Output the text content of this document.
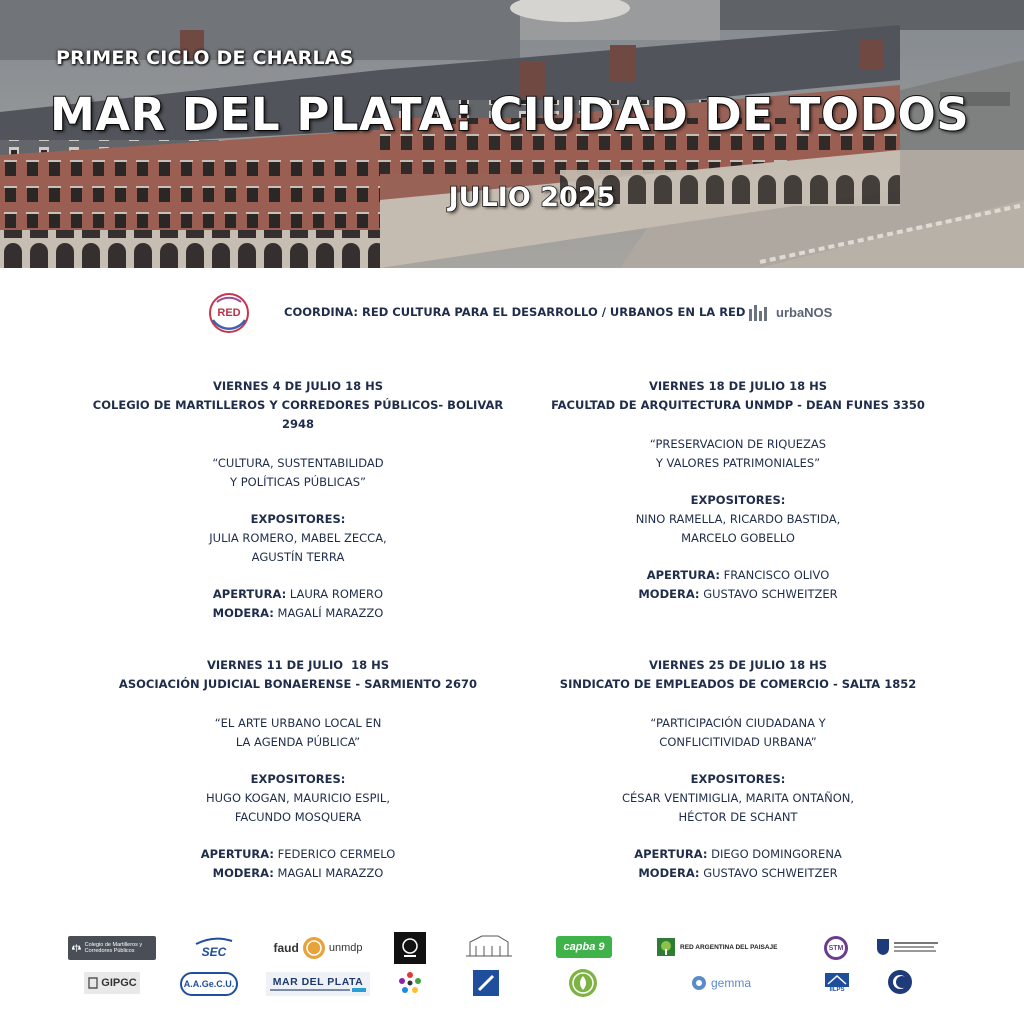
PRIMER CICLO DE CHARLAS
MAR DEL PLATA: CIUDAD DE TODOS
JULIO 2025
RED	COORDINA: RED CULTURA PARA EL DESARROLLO / URBANOS EN LA RED urbaNOS
VIERNES 4 DE JULIO 18 HS
COLEGIO DE MARTILLEROS Y CORREDORES PÚBLICOS- BOLIVAR 2948
“CULTURA, SUSTENTABILIDAD
Y POLÍTICAS PÚBLICAS”
EXPOSITORES:
JULIA ROMERO, MABEL ZECCA,
AGUSTÍN TERRA
APERTURA: LAURA ROMERO
MODERA: MAGALÍ MARAZZO
VIERNES 18 DE JULIO 18 HS
FACULTAD DE ARQUITECTURA UNMDP - DEAN FUNES 3350
“PRESERVACION DE RIQUEZAS
Y VALORES PATRIMONIALES”
EXPOSITORES:
NINO RAMELLA, RICARDO BASTIDA,
MARCELO GOBELLO
APERTURA: FRANCISCO OLIVO
MODERA: GUSTAVO SCHWEITZER
VIERNES 11 DE JULIO  18 HS
ASOCIACIÓN JUDICIAL BONAERENSE - SARMIENTO 2670
“EL ARTE URBANO LOCAL EN
LA AGENDA PÚBLICA”
EXPOSITORES:
HUGO KOGAN, MAURICIO ESPIL,
FACUNDO MOSQUERA
APERTURA: FEDERICO CERMELO
MODERA: MAGALI MARAZZO
VIERNES 25 DE JULIO 18 HS
SINDICATO DE EMPLEADOS DE COMERCIO - SALTA 1852
“PARTICIPACIÓN CIUDADANA Y
CONFLICITIVIDAD URBANA”
EXPOSITORES:
CÉSAR VENTIMIGLIA, MARITA ONTAÑON,
HÉCTOR DE SCHANT
APERTURA: DIEGO DOMINGORENA
MODERA: GUSTAVO SCHWEITZER
Colegio de Martilleros y Corredores Públicos	SEC	faud	unmdp	capba 9	RED ARGENTINA DEL PAISAJE	STM
GIPGC	A.A.Ge.C.U.	MAR DEL PLATA	gemma	IILPS
